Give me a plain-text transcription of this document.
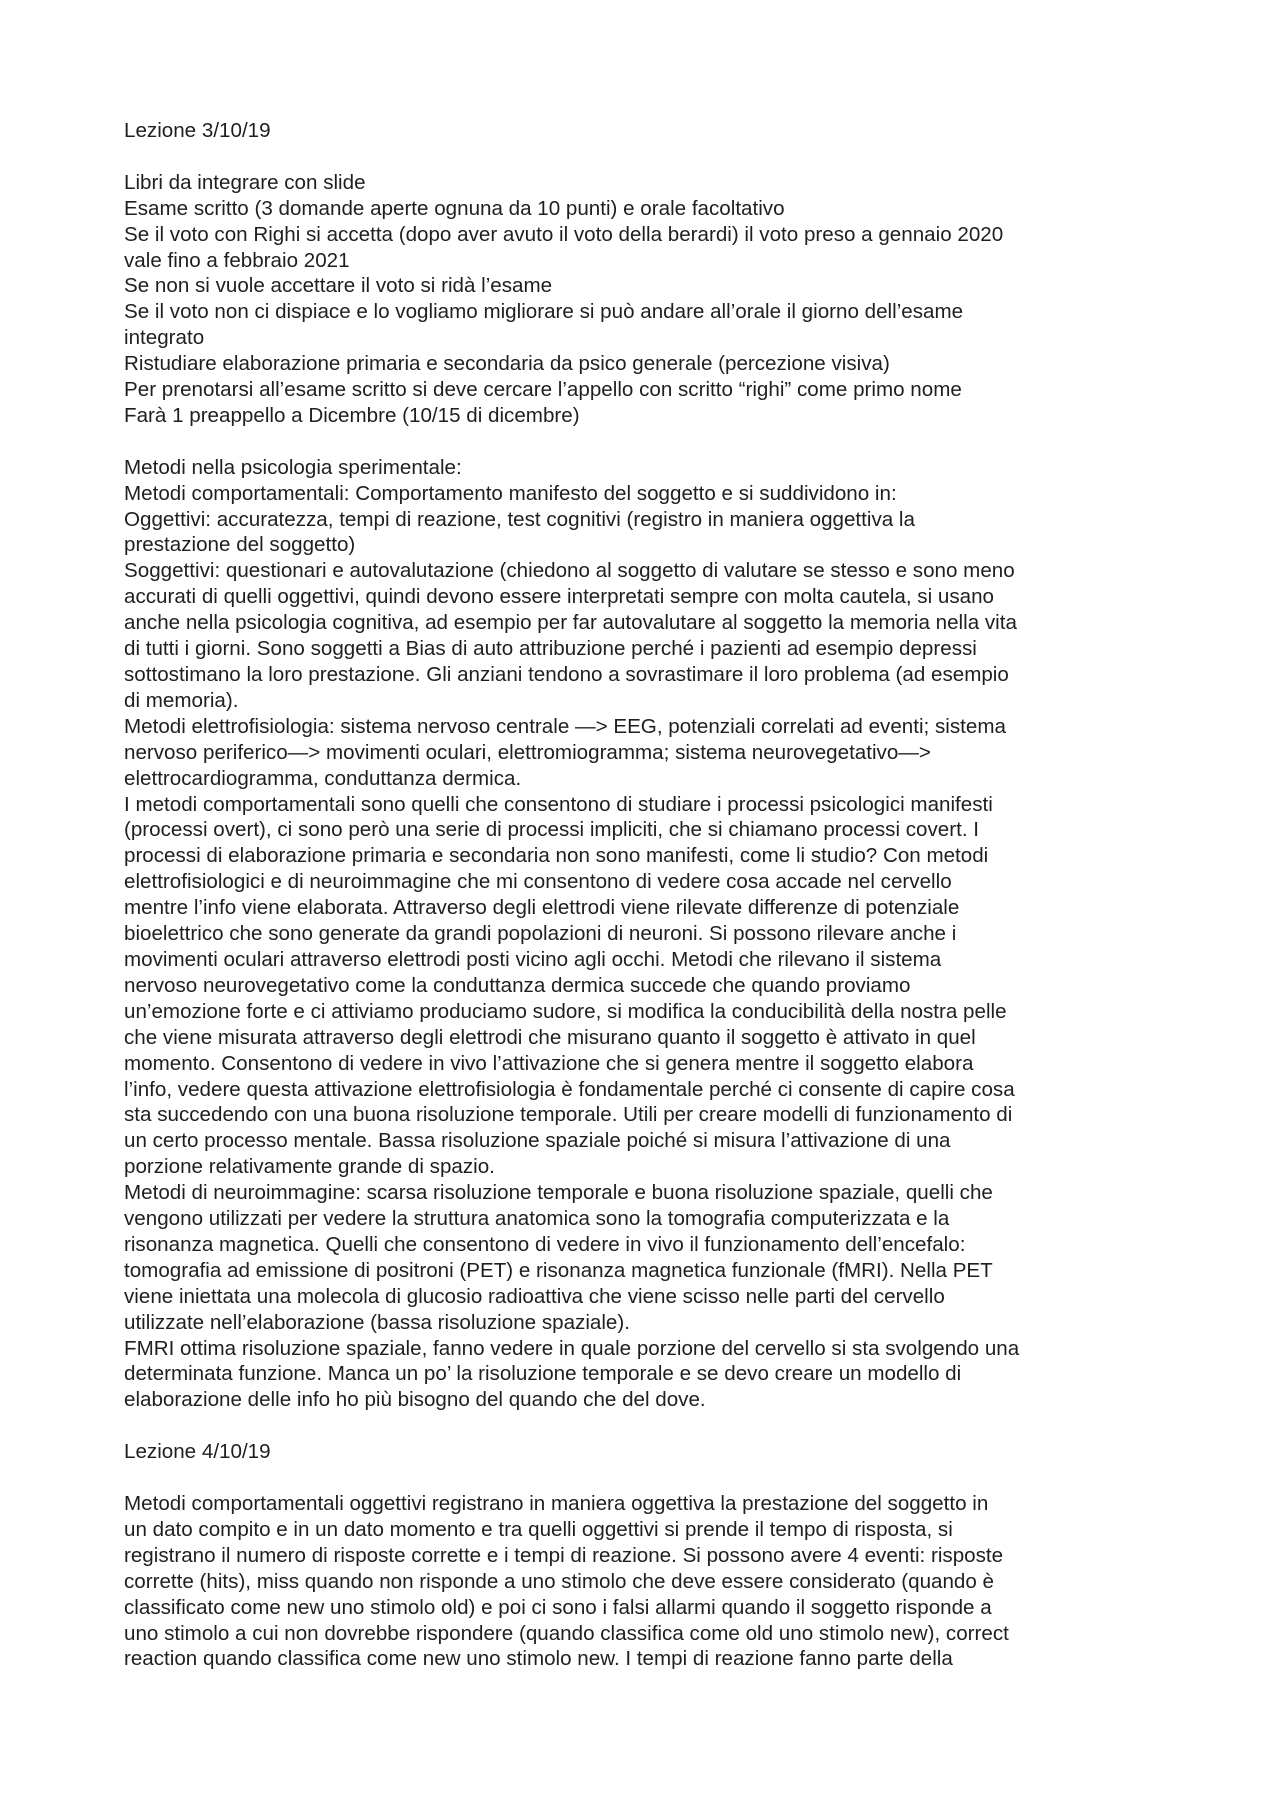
Lezione 3/10/19

Libri da integrare con slide

Esame scritto (3 domande aperte ognuna da 10 punti) e orale facoltativo

Se il voto con Righi si accetta (dopo aver avuto il voto della berardi) il voto preso a gennaio 2020
vale fino a febbraio 2021

Se non si vuole accettare il voto si ridà l’esame

Se il voto non ci dispiace e lo vogliamo migliorare si può andare all’orale il giorno dell’esame
integrato

Ristudiare elaborazione primaria e secondaria da psico generale (percezione visiva)

Per prenotarsi all’esame scritto si deve cercare l’appello con scritto “righi” come primo nome

Farà 1 preappello a Dicembre (10/15 di dicembre)

Metodi nella psicologia sperimentale:

Metodi comportamentali: Comportamento manifesto del soggetto e si suddividono in:

Oggettivi: accuratezza, tempi di reazione, test cognitivi (registro in maniera oggettiva la
prestazione del soggetto)

Soggettivi: questionari e autovalutazione (chiedono al soggetto di valutare se stesso e sono meno
accurati di quelli oggettivi, quindi devono essere interpretati sempre con molta cautela, si usano
anche nella psicologia cognitiva, ad esempio per far autovalutare al soggetto la memoria nella vita
di tutti i giorni. Sono soggetti a Bias di auto attribuzione perché i pazienti ad esempio depressi
sottostimano la loro prestazione. Gli anziani tendono a sovrastimare il loro problema (ad esempio
di memoria).

Metodi elettrofisiologia: sistema nervoso centrale —> EEG, potenziali correlati ad eventi; sistema
nervoso periferico—> movimenti oculari, elettromiogramma; sistema neurovegetativo—>
elettrocardiogramma, conduttanza dermica.

I metodi comportamentali sono quelli che consentono di studiare i processi psicologici manifesti
(processi overt), ci sono però una serie di processi impliciti, che si chiamano processi covert. I
processi di elaborazione primaria e secondaria non sono manifesti, come li studio? Con metodi
elettrofisiologici e di neuroimmagine che mi consentono di vedere cosa accade nel cervello
mentre l’info viene elaborata. Attraverso degli elettrodi viene rilevate differenze di potenziale
bioelettrico che sono generate da grandi popolazioni di neuroni. Si possono rilevare anche i
movimenti oculari attraverso elettrodi posti vicino agli occhi. Metodi che rilevano il sistema
nervoso neurovegetativo come la conduttanza dermica succede che quando proviamo
un’emozione forte e ci attiviamo produciamo sudore, si modifica la conducibilità della nostra pelle
che viene misurata attraverso degli elettrodi che misurano quanto il soggetto è attivato in quel
momento. Consentono di vedere in vivo l’attivazione che si genera mentre il soggetto elabora
l’info, vedere questa attivazione elettrofisiologia è fondamentale perché ci consente di capire cosa
sta succedendo con una buona risoluzione temporale. Utili per creare modelli di funzionamento di
un certo processo mentale. Bassa risoluzione spaziale poiché si misura l’attivazione di una
porzione relativamente grande di spazio.

Metodi di neuroimmagine: scarsa risoluzione temporale e buona risoluzione spaziale, quelli che
vengono utilizzati per vedere la struttura anatomica sono la tomografia computerizzata e la
risonanza magnetica. Quelli che consentono di vedere in vivo il funzionamento dell’encefalo:
tomografia ad emissione di positroni (PET) e risonanza magnetica funzionale (fMRI). Nella PET
viene iniettata una molecola di glucosio radioattiva che viene scisso nelle parti del cervello
utilizzate nell’elaborazione (bassa risoluzione spaziale).

FMRI ottima risoluzione spaziale, fanno vedere in quale porzione del cervello si sta svolgendo una
determinata funzione. Manca un po’ la risoluzione temporale e se devo creare un modello di
elaborazione delle info ho più bisogno del quando che del dove.

Lezione 4/10/19

Metodi comportamentali oggettivi registrano in maniera oggettiva la prestazione del soggetto in
un dato compito e in un dato momento e tra quelli oggettivi si prende il tempo di risposta, si
registrano il numero di risposte corrette e i tempi di reazione. Si possono avere 4 eventi: risposte
corrette (hits), miss quando non risponde a uno stimolo che deve essere considerato (quando è
classificato come new uno stimolo old) e poi ci sono i falsi allarmi quando il soggetto risponde a
uno stimolo a cui non dovrebbe rispondere (quando classifica come old uno stimolo new), correct
reaction quando classifica come new uno stimolo new. I tempi di reazione fanno parte della
